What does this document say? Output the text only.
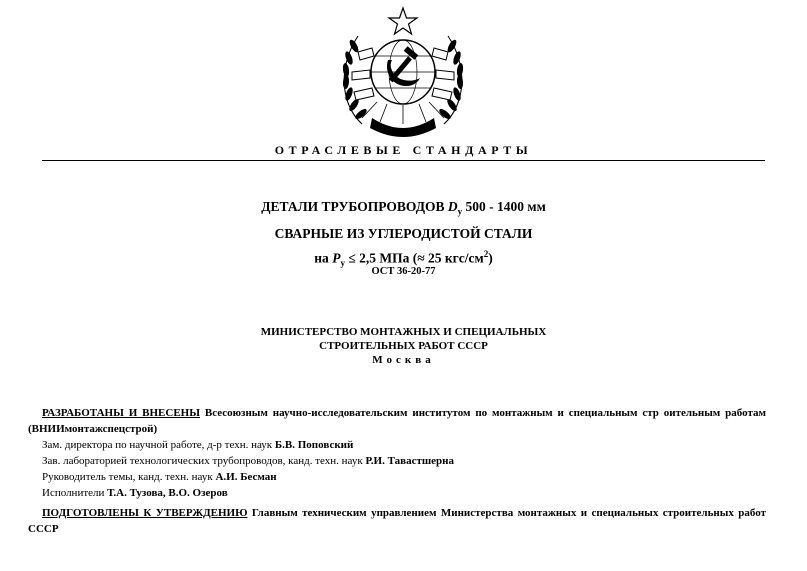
ОТРАСЛЕВЫЕ СТАНДАРТЫ
ДЕТАЛИ ТРУБОПРОВОДОВ $D_у$ 500 - 1400 мм
СВАРНЫЕ ИЗ УГЛЕРОДИСТОЙ СТАЛИ
на $P_у \le 2,5$ МПа (≈ 25 кгс/$см^2$)
ОСТ 36-20-77
МИНИСТЕРСТВО МОНТАЖНЫХ И СПЕЦИАЛЬНЫХ
СТРОИТЕЛЬНЫХ РАБОТ СССР
Москва

РАЗРАБОТАНЫ И ВНЕСЕНЫ Всесоюзным научно-исследовательским институтом по монтажным и специальным стр оительным работам (ВНИИмонтажспецстрой)

Зам. директора по научной работе, д-р техн. наук Б.В. Поповский

Зав. лабораторией технологических трубопроводов, канд. техн. наук Р.И. Тавастшерна

Руководитель темы, канд. техн. наук А.И. Бесман

Исполнители Т.А. Тузова, В.О. Озеров

ПОДГОТОВЛЕНЫ К УТВЕРЖДЕНИЮ Главным техническим управлением Министерства монтажных и специальных строительных работ СССР
